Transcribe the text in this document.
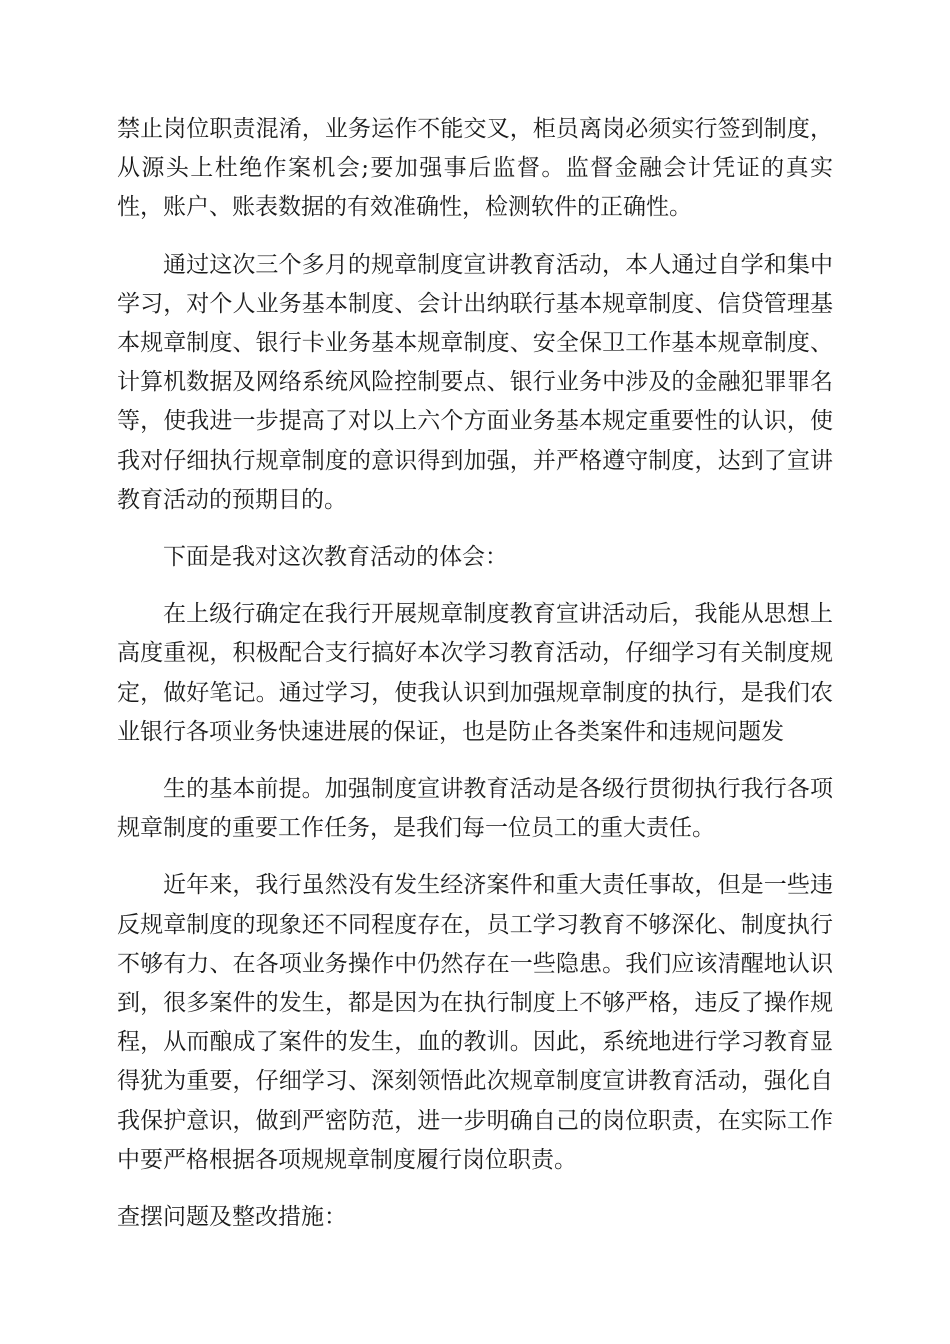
禁止岗位职责混淆，业务运作不能交叉，柜员离岗必须实行签到制度，从源头上杜绝作案机会;要加强事后监督。监督金融会计凭证的真实性，账户、账表数据的有效准确性，检测软件的正确性。

通过这次三个多月的规章制度宣讲教育活动，本人通过自学和集中学习，对个人业务基本制度、会计出纳联行基本规章制度、信贷管理基本规章制度、银行卡业务基本规章制度、安全保卫工作基本规章制度、计算机数据及网络系统风险控制要点、银行业务中涉及的金融犯罪罪名等，使我进一步提高了对以上六个方面业务基本规定重要性的认识，使我对仔细执行规章制度的意识得到加强，并严格遵守制度，达到了宣讲教育活动的预期目的。

下面是我对这次教育活动的体会：

在上级行确定在我行开展规章制度教育宣讲活动后，我能从思想上高度重视，积极配合支行搞好本次学习教育活动，仔细学习有关制度规定，做好笔记。通过学习，使我认识到加强规章制度的执行，是我们农业银行各项业务快速进展的保证，也是防止各类案件和违规问题发

生的基本前提。加强制度宣讲教育活动是各级行贯彻执行我行各项规章制度的重要工作任务，是我们每一位员工的重大责任。

近年来，我行虽然没有发生经济案件和重大责任事故，但是一些违反规章制度的现象还不同程度存在，员工学习教育不够深化、制度执行不够有力、在各项业务操作中仍然存在一些隐患。我们应该清醒地认识到，很多案件的发生，都是因为在执行制度上不够严格，违反了操作规程，从而酿成了案件的发生，血的教训。因此，系统地进行学习教育显得犹为重要，仔细学习、深刻领悟此次规章制度宣讲教育活动，强化自我保护意识，做到严密防范，进一步明确自己的岗位职责，在实际工作中要严格根据各项规规章制度履行岗位职责。

查摆问题及整改措施：
